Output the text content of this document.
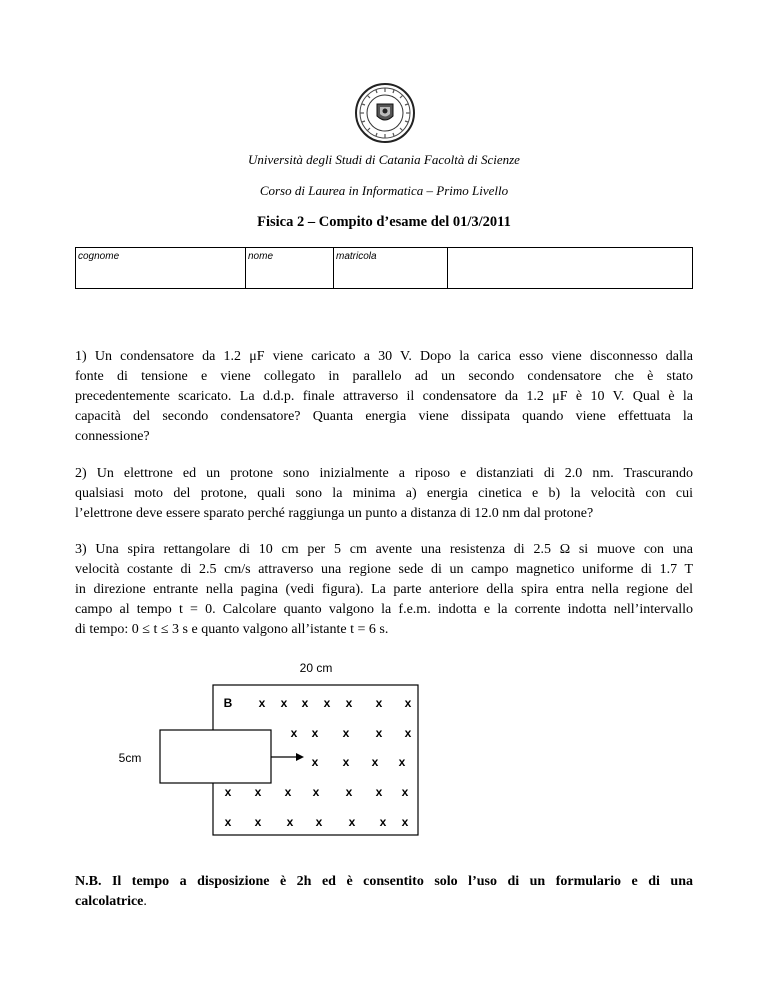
Università degli Studi di Catania Facoltà di Scienze
Corso di Laurea in Informatica – Primo Livello
Fisica 2 – Compito d’esame del 01/3/2011
cognome	nome	matricola	
1) Un condensatore da 1.2 μF viene caricato a 30 V. Dopo la carica esso viene disconnesso dalla
fonte di tensione e viene collegato in parallelo ad un secondo condensatore che è stato
precedentemente scaricato. La d.d.p. finale attraverso il condensatore da 1.2 μF è 10 V. Qual è la
capacità del secondo condensatore? Quanta energia viene dissipata quando viene effettuata la
connessione?
2) Un elettrone ed un protone sono inizialmente a riposo e distanziati di 2.0 nm. Trascurando
qualsiasi moto del protone, quali sono la minima a) energia cinetica e b) la velocità con cui
l’elettrone deve essere sparato perché raggiunga un punto a distanza di 12.0 nm dal protone?
3) Una spira rettangolare di 10 cm per 5 cm avente una resistenza di 2.5 Ω si muove con una
velocità costante di 2.5 cm/s attraverso una regione sede di un campo magnetico uniforme di 1.7 T
in direzione entrante nella pagina (vedi figura). La parte anteriore della spira entra nella regione del
campo al tempo t = 0. Calcolare quanto valgono la f.e.m. indotta e la corrente indotta nell’intervallo
di tempo: 0 ≤ t ≤ 3 s e quanto valgono all’istante t = 6 s.
20 cm
5cm
B x x x x x x x
x x x x x
x x x x
x x x x x x x
x x x x x x x
N.B. Il tempo a disposizione è 2h ed è consentito solo l’uso di un formulario e di una
calcolatrice.
